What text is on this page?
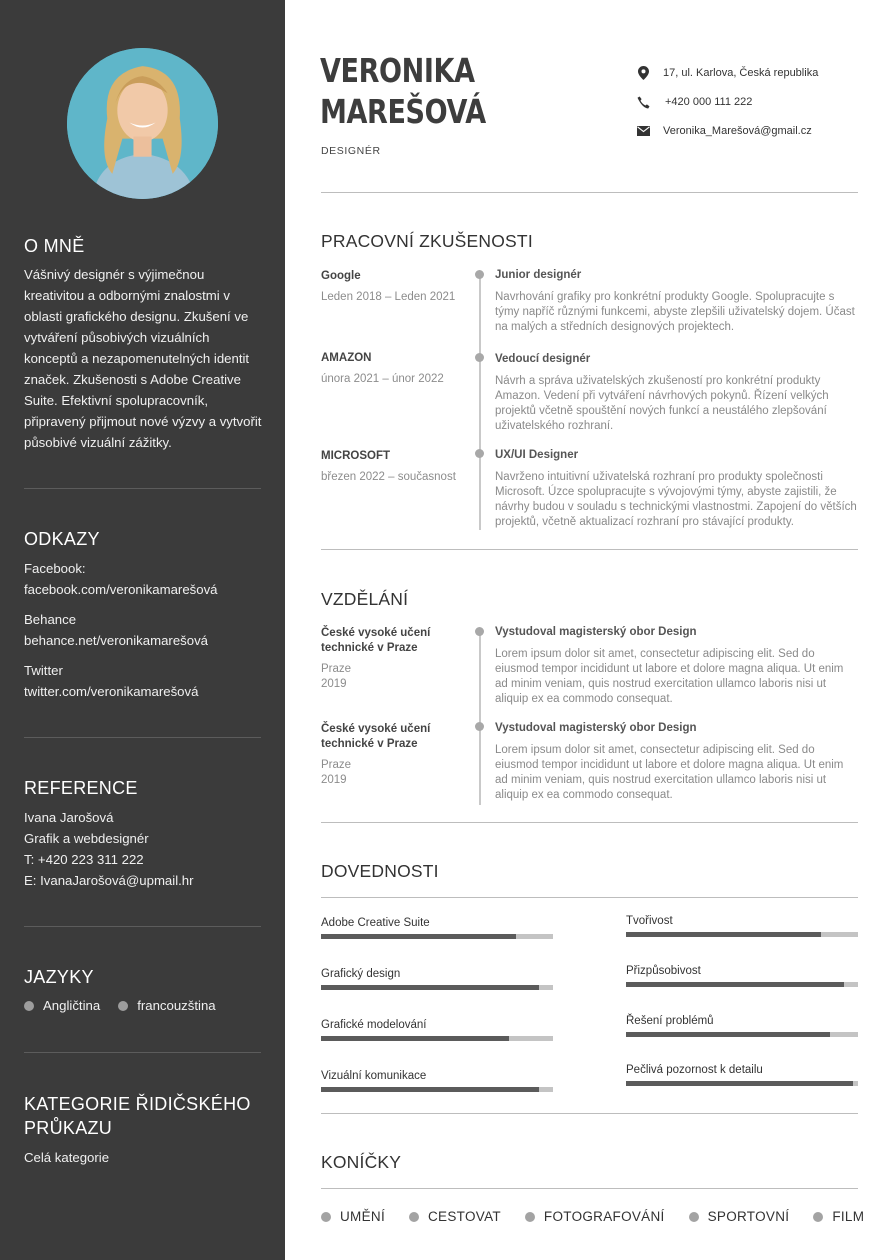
O MNĚ

Vášnivý designér s výjimečnou kreativitou a odbornými znalostmi v oblasti grafického designu. Zkušení ve vytváření působivých vizuálních konceptů a nezapomenutelných identit značek. Zkušenosti s Adobe Creative Suite. Efektivní spolupracovník, připravený přijmout nové výzvy a vytvořit působivé vizuální zážitky.

ODKAZY
Facebook:
facebook.com/veronikamarešová
Behance
behance.net/veronikamarešová
Twitter
twitter.com/veronikamarešová
REFERENCE
Ivana Jarošová
Grafik a webdesignér
T: +420 223 311 222
E: IvanaJarošová@upmail.hr
JAZYKY
Angličtina	francouzština
KATEGORIE ŘIDIČSKÉHO PRŮKAZU
Celá kategorie
VERONIKA
MAREŠOVÁ
DESIGNÉR
17, ul. Karlova, Česká republika
+420 000 111 222
Veronika_Marešová@gmail.cz
PRACOVNÍ ZKUŠENOSTI
Google
Leden 2018 – Leden 2021
Junior designér
Navrhování grafiky pro konkrétní produkty Google. Spolupracujte s týmy napříč různými funkcemi, abyste zlepšili uživatelský dojem. Účast na malých a středních designových projektech.
AMAZON
února 2021 – únor 2022
Vedoucí designér
Návrh a správa uživatelských zkušeností pro konkrétní produkty Amazon. Vedení při vytváření návrhových pokynů. Řízení velkých projektů včetně spouštění nových funkcí a neustálého zlepšování uživatelského rozhraní.
MICROSOFT
březen 2022 – současnost
UX/UI Designer
Navrženo intuitivní uživatelská rozhraní pro produkty společnosti Microsoft. Úzce spolupracujte s vývojovými týmy, abyste zajistili, že návrhy budou v souladu s technickými vlastnostmi. Zapojení do větších projektů, včetně aktualizací rozhraní pro stávající produkty.
VZDĚLÁNÍ
České vysoké učení technické v Praze
Praze
2019
Vystudoval magisterský obor Design
Lorem ipsum dolor sit amet, consectetur adipiscing elit. Sed do eiusmod tempor incididunt ut labore et dolore magna aliqua. Ut enim ad minim veniam, quis nostrud exercitation ullamco laboris nisi ut aliquip ex ea commodo consequat.
České vysoké učení technické v Praze
Praze
2019
Vystudoval magisterský obor Design
Lorem ipsum dolor sit amet, consectetur adipiscing elit. Sed do eiusmod tempor incididunt ut labore et dolore magna aliqua. Ut enim ad minim veniam, quis nostrud exercitation ullamco laboris nisi ut aliquip ex ea commodo consequat.
DOVEDNOSTI
Adobe Creative Suite
Grafický design
Grafické modelování
Vizuální komunikace
Tvořivost
Přizpůsobivost
Řešení problémů
Pečlivá pozornost k detailu
KONÍČKY
UMĚNÍ	CESTOVAT	FOTOGRAFOVÁNÍ	SPORTOVNÍ	FILM
